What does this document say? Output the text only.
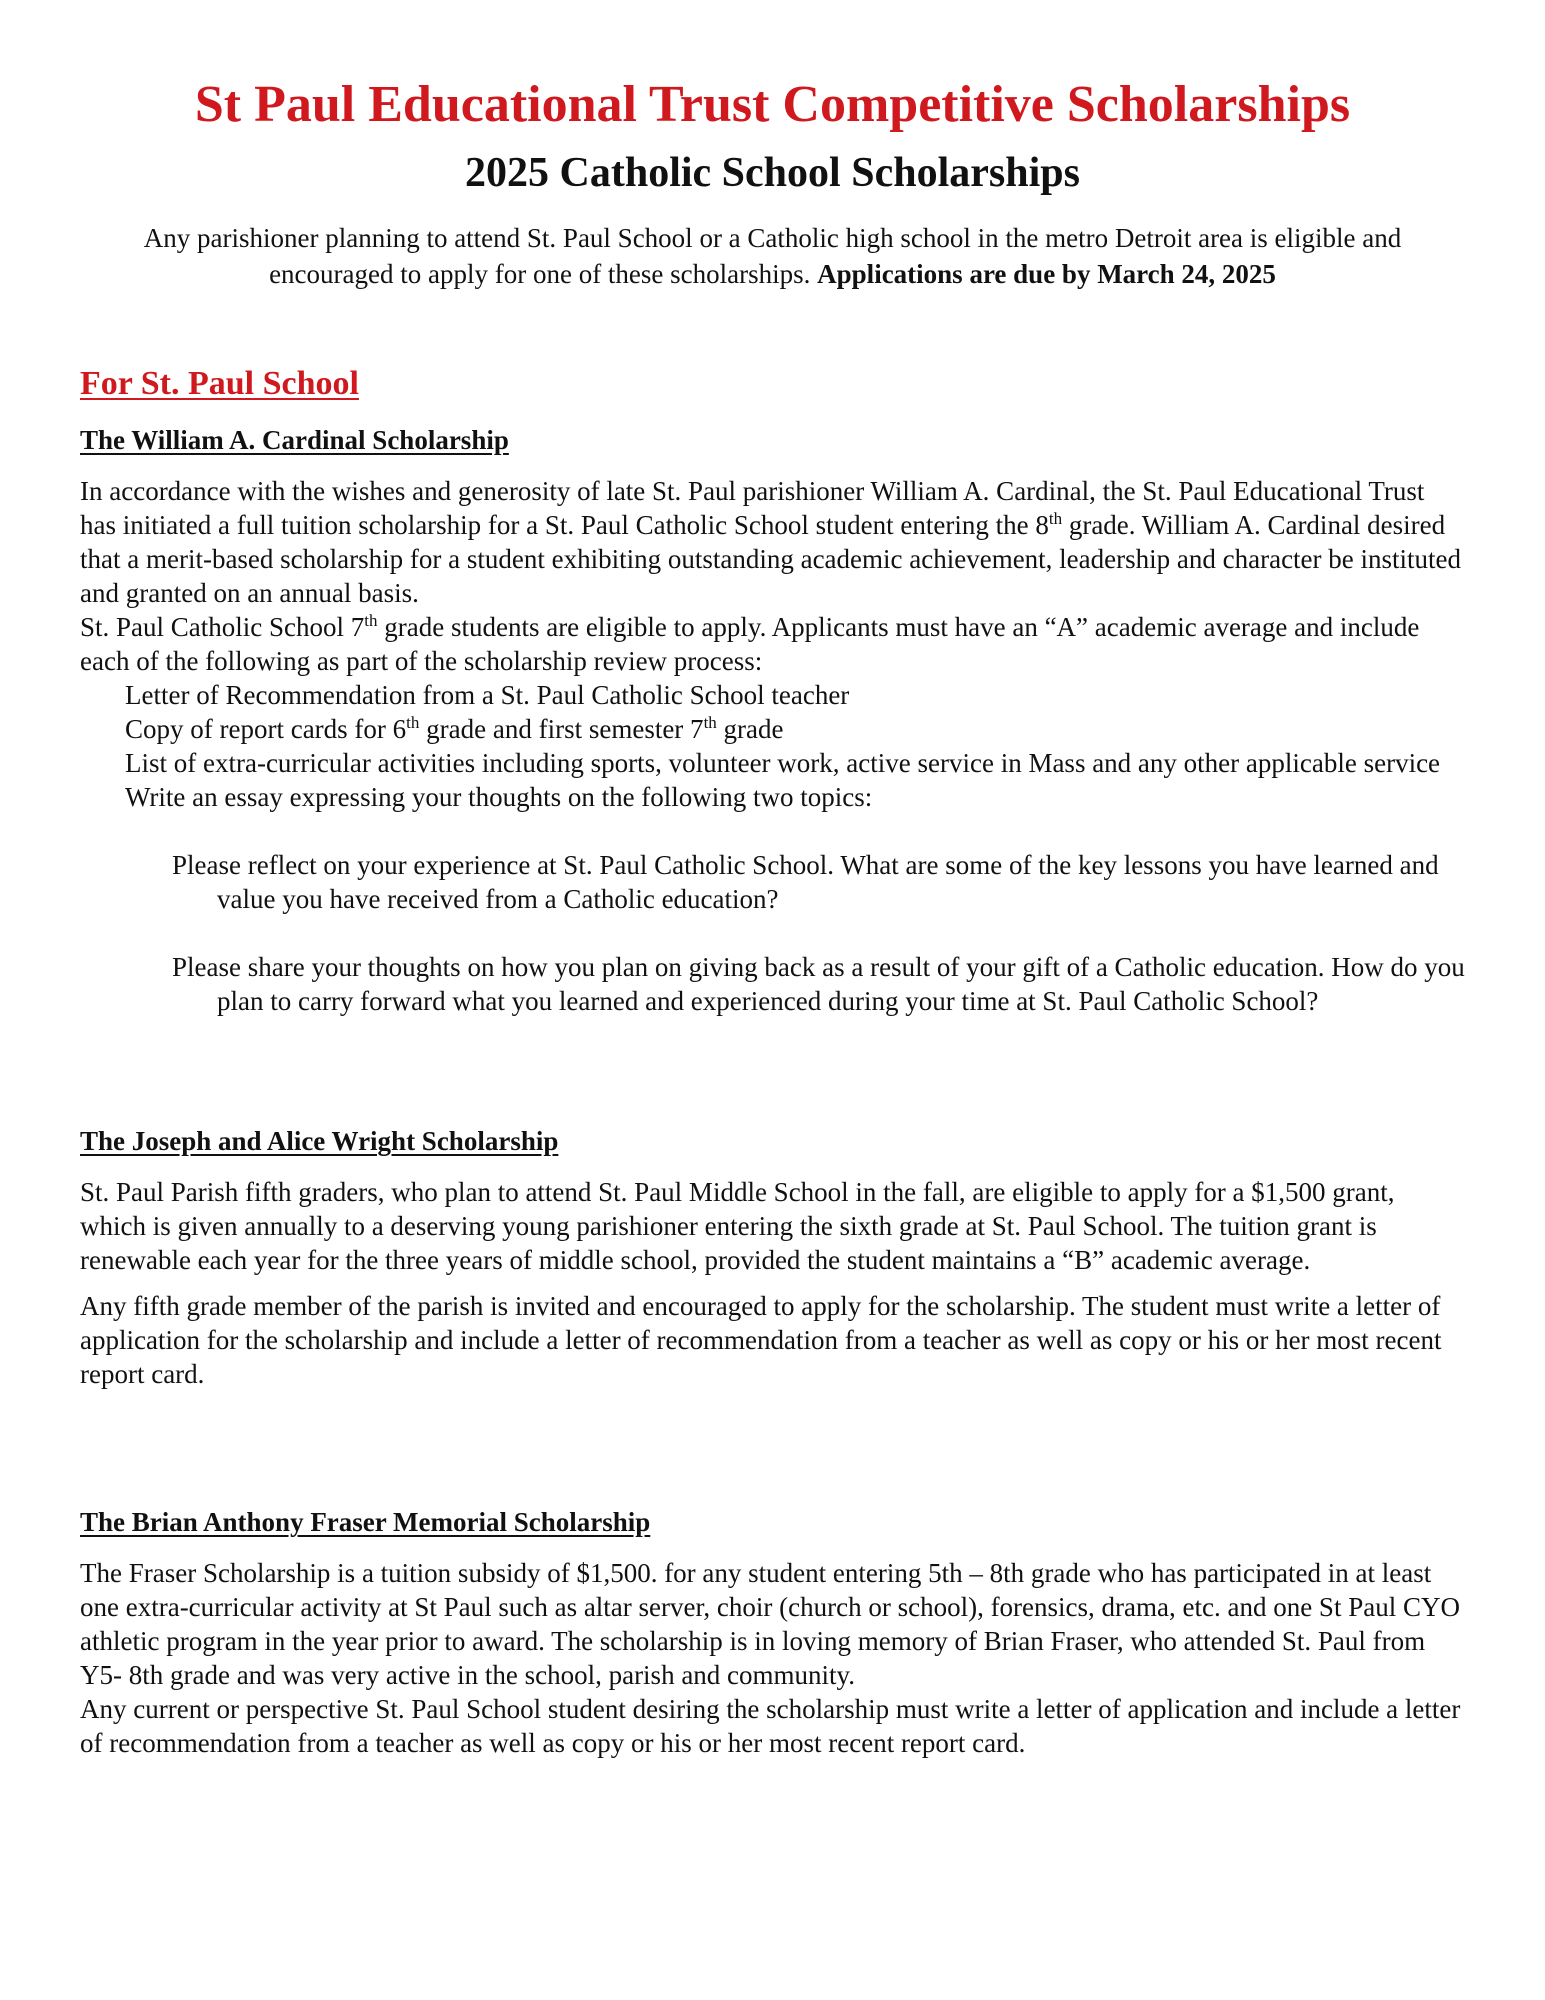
St Paul Educational Trust Competitive Scholarships
2025 Catholic School Scholarships
Any parishioner planning to attend St. Paul School or a Catholic high school in the metro Detroit area is eligible and encouraged to apply for one of these scholarships. Applications are due by March 24, 2025
For St. Paul School
The William A. Cardinal Scholarship

In accordance with the wishes and generosity of late St. Paul parishioner William A. Cardinal, the St. Paul Educational Trust has initiated a full tuition scholarship for a St. Paul Catholic School student entering the 8th grade. William A. Cardinal desired that a merit-based scholarship for a student exhibiting outstanding academic achievement, leadership and character be instituted and granted on an annual basis.

St. Paul Catholic School 7th grade students are eligible to apply. Applicants must have an “A” academic average and include each of the following as part of the scholarship review process:

Letter of Recommendation from a St. Paul Catholic School teacher

Copy of report cards for 6th grade and first semester 7th grade

List of extra-curricular activities including sports, volunteer work, active service in Mass and any other applicable service

Write an essay expressing your thoughts on the following two topics:

Please reflect on your experience at St. Paul Catholic School. What are some of the key lessons you have learned and value you have received from a Catholic education?

Please share your thoughts on how you plan on giving back as a result of your gift of a Catholic education. How do you plan to carry forward what you learned and experienced during your time at St. Paul Catholic School?

The Joseph and Alice Wright Scholarship

St. Paul Parish fifth graders, who plan to attend St. Paul Middle School in the fall, are eligible to apply for a $1,500 grant, which is given annually to a deserving young parishioner entering the sixth grade at St. Paul School. The tuition grant is renewable each year for the three years of middle school, provided the student maintains a “B” academic average.

Any fifth grade member of the parish is invited and encouraged to apply for the scholarship. The student must write a letter of application for the scholarship and include a letter of recommendation from a teacher as well as copy or his or her most recent report card.

The Brian Anthony Fraser Memorial Scholarship

The Fraser Scholarship is a tuition subsidy of $1,500. for any student entering 5th – 8th grade who has participated in at least one extra-curricular activity at St Paul such as altar server, choir (church or school), forensics, drama, etc. and one St Paul CYO athletic program in the year prior to award. The scholarship is in loving memory of Brian Fraser, who attended St. Paul from Y5- 8th grade and was very active in the school, parish and community.

Any current or perspective St. Paul School student desiring the scholarship must write a letter of application and include a letter of recommendation from a teacher as well as copy or his or her most recent report card.
